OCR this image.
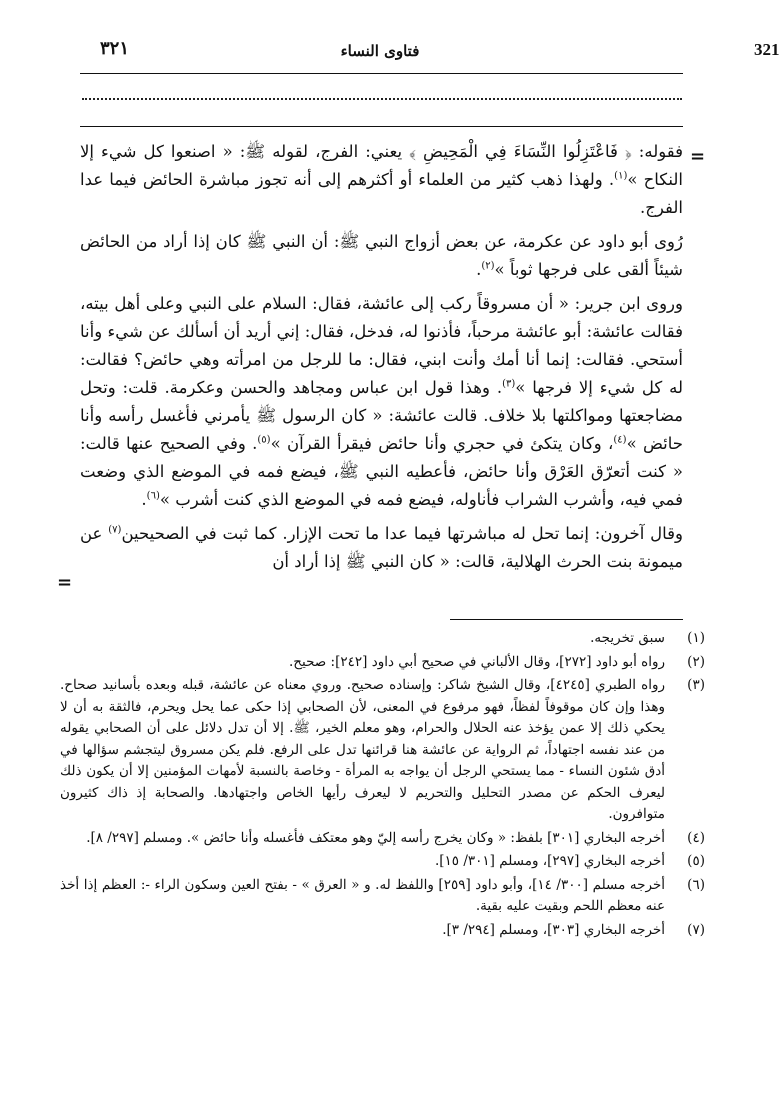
321
فتاوى النساء
٣٢١
=
=

فقوله: ﴿ فَاعْتَزِلُوا النِّسَاءَ فِي الْمَحِيضِ ﴾ يعني: الفرج، لقوله ﷺ: « اصنعوا كل شيء إلا النكاح »$^{(١)}$. ولهذا ذهب كثير من العلماء أو أكثرهم إلى أنه تجوز مباشرة الحائض فيما عدا الفرج.

رُوى أبو داود عن عكرمة، عن بعض أزواج النبي ﷺ: أن النبي ﷺ كان إذا أراد من الحائض شيئاً ألقى على فرجها ثوباً »$^{(٢)}$.

وروى ابن جرير: « أن مسروقاً ركب إلى عائشة، فقال: السلام على النبي وعلى أهل بيته، فقالت عائشة: أبو عائشة مرحباً، فأذنوا له، فدخل، فقال: إني أريد أن أسألك عن شيء وأنا أستحي. فقالت: إنما أنا أمك وأنت ابني، فقال: ما للرجل من امرأته وهي حائض؟ فقالت: له كل شيء إلا فرجها »$^{(٣)}$. وهذا قول ابن عباس ومجاهد والحسن وعكرمة. قلت: وتحل مضاجعتها ومواكلتها بلا خلاف. قالت عائشة: « كان الرسول ﷺ يأمرني فأغسل رأسه وأنا حائض »$^{(٤)}$، وكان يتكئ في حجري وأنا حائض فيقرأ القرآن »$^{(٥)}$. وفي الصحيح عنها قالت: « كنت أتعرّق العَرْق وأنا حائض، فأعطيه النبي ﷺ، فيضع فمه في الموضع الذي وضعت فمي فيه، وأشرب الشراب فأناوله، فيضع فمه في الموضع الذي كنت أشرب »$^{(٦)}$.

وقال آخرون: إنما تحل له مباشرتها فيما عدا ما تحت الإزار. كما ثبت في الصحيحين$^{(٧)}$ عن ميمونة بنت الحرث الهلالية، قالت: « كان النبي ﷺ إذا أراد أن

(١)
سبق تخريجه.
(٢)
رواه أبو داود [٢٧٢]، وقال الألباني في صحيح أبي داود [٢٤٢]: صحيح.
(٣)
رواه الطبري [٤٢٤٥]، وقال الشيخ شاكر: وإسناده صحيح. وروي معناه عن عائشة، قبله وبعده بأسانيد صحاح. وهذا وإن كان موقوفاً لفظاً، فهو مرفوع في المعنى، لأن الصحابي إذا حكى عما يحل ويحرم، فالثقة به أن لا يحكي ذلك إلا عمن يؤخذ عنه الحلال والحرام، وهو معلم الخير، ﷺ. إلا أن تدل دلائل على أن الصحابي يقوله من عند نفسه اجتهاداً، ثم الرواية عن عائشة هنا قرائنها تدل على الرفع. فلم يكن مسروق ليتجشم سؤالها في أدق شئون النساء - مما يستحي الرجل أن يواجه به المرأة - وخاصة بالنسبة لأمهات المؤمنين إلا أن يكون ذلك ليعرف الحكم عن مصدر التحليل والتحريم لا ليعرف رأيها الخاص واجتهادها. والصحابة إذ ذاك كثيرون متوافرون.
(٤)
أخرجه البخاري [٣٠١] بلفظ: « وكان يخرج رأسه إليّ وهو معتكف فأغسله وأنا حائض ». ومسلم [٢٩٧/ ٨].
(٥)
أخرجه البخاري [٢٩٧]، ومسلم [٣٠١/ ١٥].
(٦)
أخرجه مسلم [٣٠٠/ ١٤]، وأبو داود [٢٥٩] واللفظ له. و « العرق » - بفتح العين وسكون الراء -: العظم إذا أخذ عنه معظم اللحم وبقيت عليه بقية.
(٧)
أخرجه البخاري [٣٠٣]، ومسلم [٢٩٤/ ٣].
